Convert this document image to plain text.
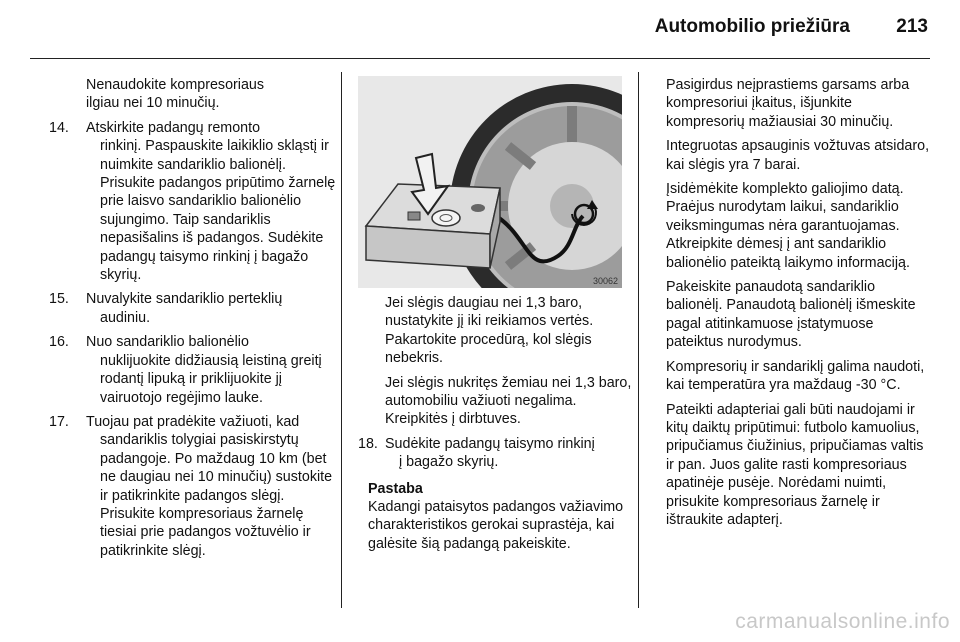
Automobilio priežiūra	213
Nenaudokite kompresoriaus
ilgiau nei 10 minučių.
14.	Atskirkite padangų remonto
rinkinį. Paspauskite laikiklio skląstį ir nuimkite sandariklio balionėlį. Prisukite padangos pripūtimo žarnelę prie laisvo sandariklio balionėlio sujungimo. Taip sandariklis nepasišalins iš padangos. Sudėkite padangų taisymo rinkinį į bagažo skyrių.
15.	Nuvalykite sandariklio perteklių
audiniu.
16.	Nuo sandariklio balionėlio
nuklijuokite didžiausią leistiną greitį rodantį lipuką ir priklijuokite jį vairuotojo regėjimo lauke.
17.	Tuojau pat pradėkite važiuoti, kad
sandariklis tolygiai pasiskirstytų padangoje. Po maždaug 10 km (bet ne daugiau nei 10 minučių) sustokite ir patikrinkite padangos slėgį. Prisukite kompresoriaus žarnelę tiesiai prie padangos vožtuvėlio ir patikrinkite slėgį.
30062
Jei slėgis daugiau nei 1,3 baro, nustatykite jį iki reikiamos vertės. Pakartokite procedūrą, kol slėgis nebekris.
Jei slėgis nukritęs žemiau nei 1,3 baro, automobiliu važiuoti negalima. Kreipkitės į dirbtuves.
18. Sudėkite padangų taisymo rinkinį
į bagažo skyrių.
Pastaba
Kadangi pataisytos padangos važiavimo charakteristikos gerokai suprastėja, kai galėsite šią padangą pakeiskite.

Pasigirdus neįprastiems garsams arba kompresoriui įkaitus, išjunkite kompresorių mažiausiai 30 minučių.

Integruotas apsauginis vožtuvas atsidaro, kai slėgis yra 7 barai.

Įsidėmėkite komplekto galiojimo datą. Praėjus nurodytam laikui, sandariklio veiksmingumas nėra garantuojamas. Atkreipkite dėmesį į ant sandariklio balionėlio pateiktą laikymo informaciją.

Pakeiskite panaudotą sandariklio balionėlį. Panaudotą balionėlį išmeskite pagal atitinkamuose įstatymuose pateiktus nurodymus.

Kompresorių ir sandariklį galima naudoti, kai temperatūra yra maždaug -30 °C.

Pateikti adapteriai gali būti naudojami ir kitų daiktų pripūtimui: futbolo kamuolius, pripučiamus čiužinius, pripučiamas valtis ir pan. Juos galite rasti kompresoriaus apatinėje pusėje. Norėdami nuimti, prisukite kompresoriaus žarnelę ir ištraukite adapterį.

carmanualsonline.info
